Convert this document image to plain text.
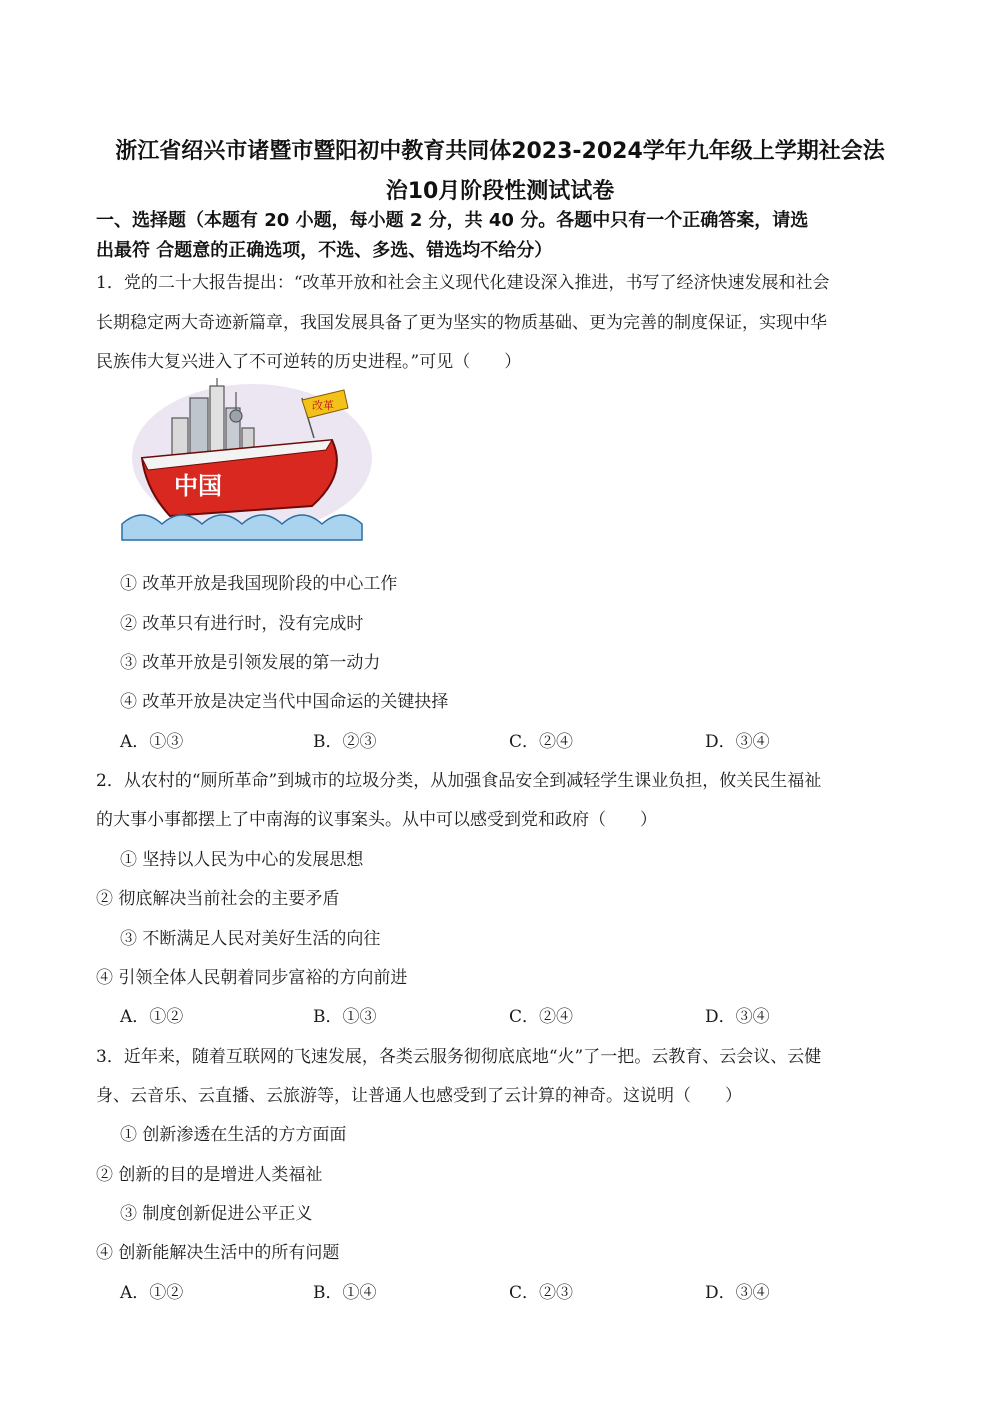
浙江省绍兴市诸暨市暨阳初中教育共同体2023-2024学年九年级上学期社会法
治10月阶段性测试试卷
一、选择题（本题有 20 小题，每小题 2 分，共 40 分。各题中只有一个正确答案，请选
出最符 合题意的正确选项，不选、多选、错选均不给分）
1．党的二十大报告提出：“改革开放和社会主义现代化建设深入推进，书写了经济快速发展和社会
长期稳定两大奇迹新篇章，我国发展具备了更为坚实的物质基础、更为完善的制度保证，实现中华
民族伟大复兴进入了不可逆转的历史进程。”可见（　　）
改革
中国
① 改革开放是我国现阶段的中心工作
② 改革只有进行时，没有完成时
③ 改革开放是引领发展的第一动力
④ 改革开放是决定当代中国命运的关键抉择
A．①③	B．②③	C．②④	D．③④
2．从农村的“厕所革命”到城市的垃圾分类，从加强食品安全到减轻学生课业负担，攸关民生福祉
的大事小事都摆上了中南海的议事案头。从中可以感受到党和政府（　　）
① 坚持以人民为中心的发展思想
② 彻底解决当前社会的主要矛盾
③ 不断满足人民对美好生活的向往
④ 引领全体人民朝着同步富裕的方向前进
A．①②	B．①③	C．②④	D．③④
3．近年来，随着互联网的飞速发展，各类云服务彻彻底底地“火”了一把。云教育、云会议、云健
身、云音乐、云直播、云旅游等，让普通人也感受到了云计算的神奇。这说明（　　）
① 创新渗透在生活的方方面面
② 创新的目的是增进人类福祉
③ 制度创新促进公平正义
④ 创新能解决生活中的所有问题
A．①②	B．①④	C．②③	D．③④
